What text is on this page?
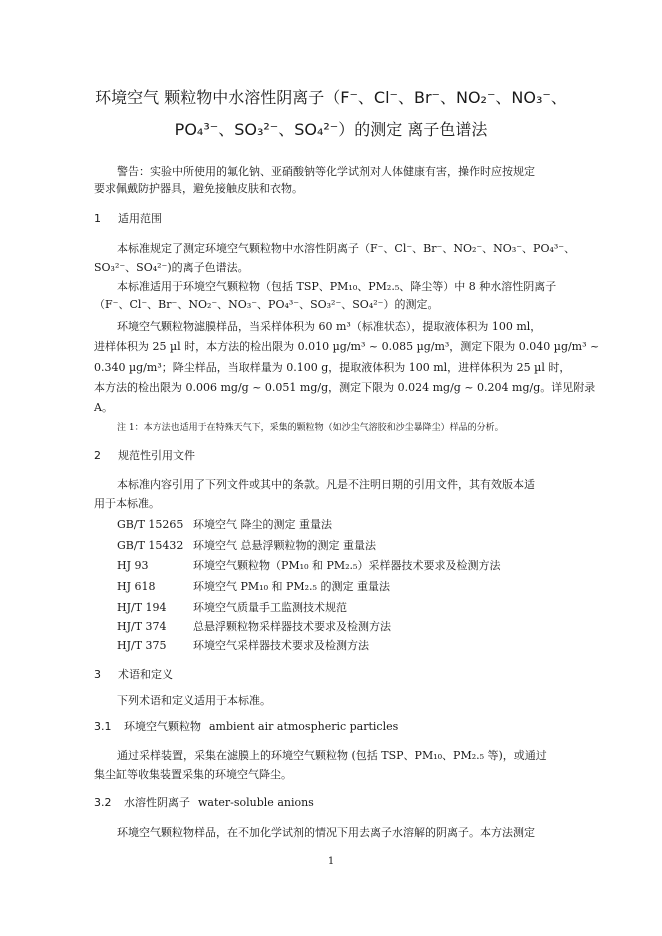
环境空气 颗粒物中水溶性阴离子（F⁻、Cl⁻、Br⁻、NO₂⁻、NO₃⁻、
PO₄³⁻、SO₃²⁻、SO₄²⁻）的测定 离子色谱法
警告：实验中所使用的氟化钠、亚硝酸钠等化学试剂对人体健康有害，操作时应按规定
要求佩戴防护器具，避免接触皮肤和衣物。
1 适用范围
本标准规定了测定环境空气颗粒物中水溶性阴离子（F⁻、Cl⁻、Br⁻、NO₂⁻、NO₃⁻、PO₄³⁻、
SO₃²⁻、SO₄²⁻)的离子色谱法。
本标准适用于环境空气颗粒物（包括 TSP、PM₁₀、PM₂.₅、降尘等）中 8 种水溶性阴离子
（F⁻、Cl⁻、Br⁻、NO₂⁻、NO₃⁻、PO₄³⁻、SO₃²⁻、SO₄²⁻）的测定。
环境空气颗粒物滤膜样品，当采样体积为 60 m³（标准状态），提取液体积为 100 ml，
进样体积为 25 µl 时，本方法的检出限为 0.010 µg/m³ ~ 0.085 µg/m³，测定下限为 0.040 µg/m³ ~
0.340 µg/m³；降尘样品，当取样量为 0.100 g，提取液体积为 100 ml，进样体积为 25 µl 时，
本方法的检出限为 0.006 mg/g ~ 0.051 mg/g，测定下限为 0.024 mg/g ~ 0.204 mg/g。详见附录
A。
注 1：本方法也适用于在特殊天气下，采集的颗粒物（如沙尘气溶胶和沙尘暴降尘）样品的分析。
2 规范性引用文件
本标准内容引用了下列文件或其中的条款。凡是不注明日期的引用文件，其有效版本适
用于本标准。
GB/T 15265 环境空气 降尘的测定 重量法
GB/T 15432 环境空气 总悬浮颗粒物的测定 重量法
HJ 93	环境空气颗粒物（PM₁₀ 和 PM₂.₅）采样器技术要求及检测方法
HJ 618	环境空气 PM₁₀ 和 PM₂.₅ 的测定 重量法
HJ/T 194 环境空气质量手工监测技术规范
HJ/T 374 总悬浮颗粒物采样器技术要求及检测方法
HJ/T 375 环境空气采样器技术要求及检测方法
3 术语和定义
下列术语和定义适用于本标准。
3.1 环境空气颗粒物 ambient air atmospheric particles
通过采样装置，采集在滤膜上的环境空气颗粒物 (包括 TSP、PM₁₀、PM₂.₅ 等)，或通过
集尘缸等收集装置采集的环境空气降尘。
3.2 水溶性阴离子 water-soluble anions
环境空气颗粒物样品，在不加化学试剂的情况下用去离子水溶解的阴离子。本方法测定
1
